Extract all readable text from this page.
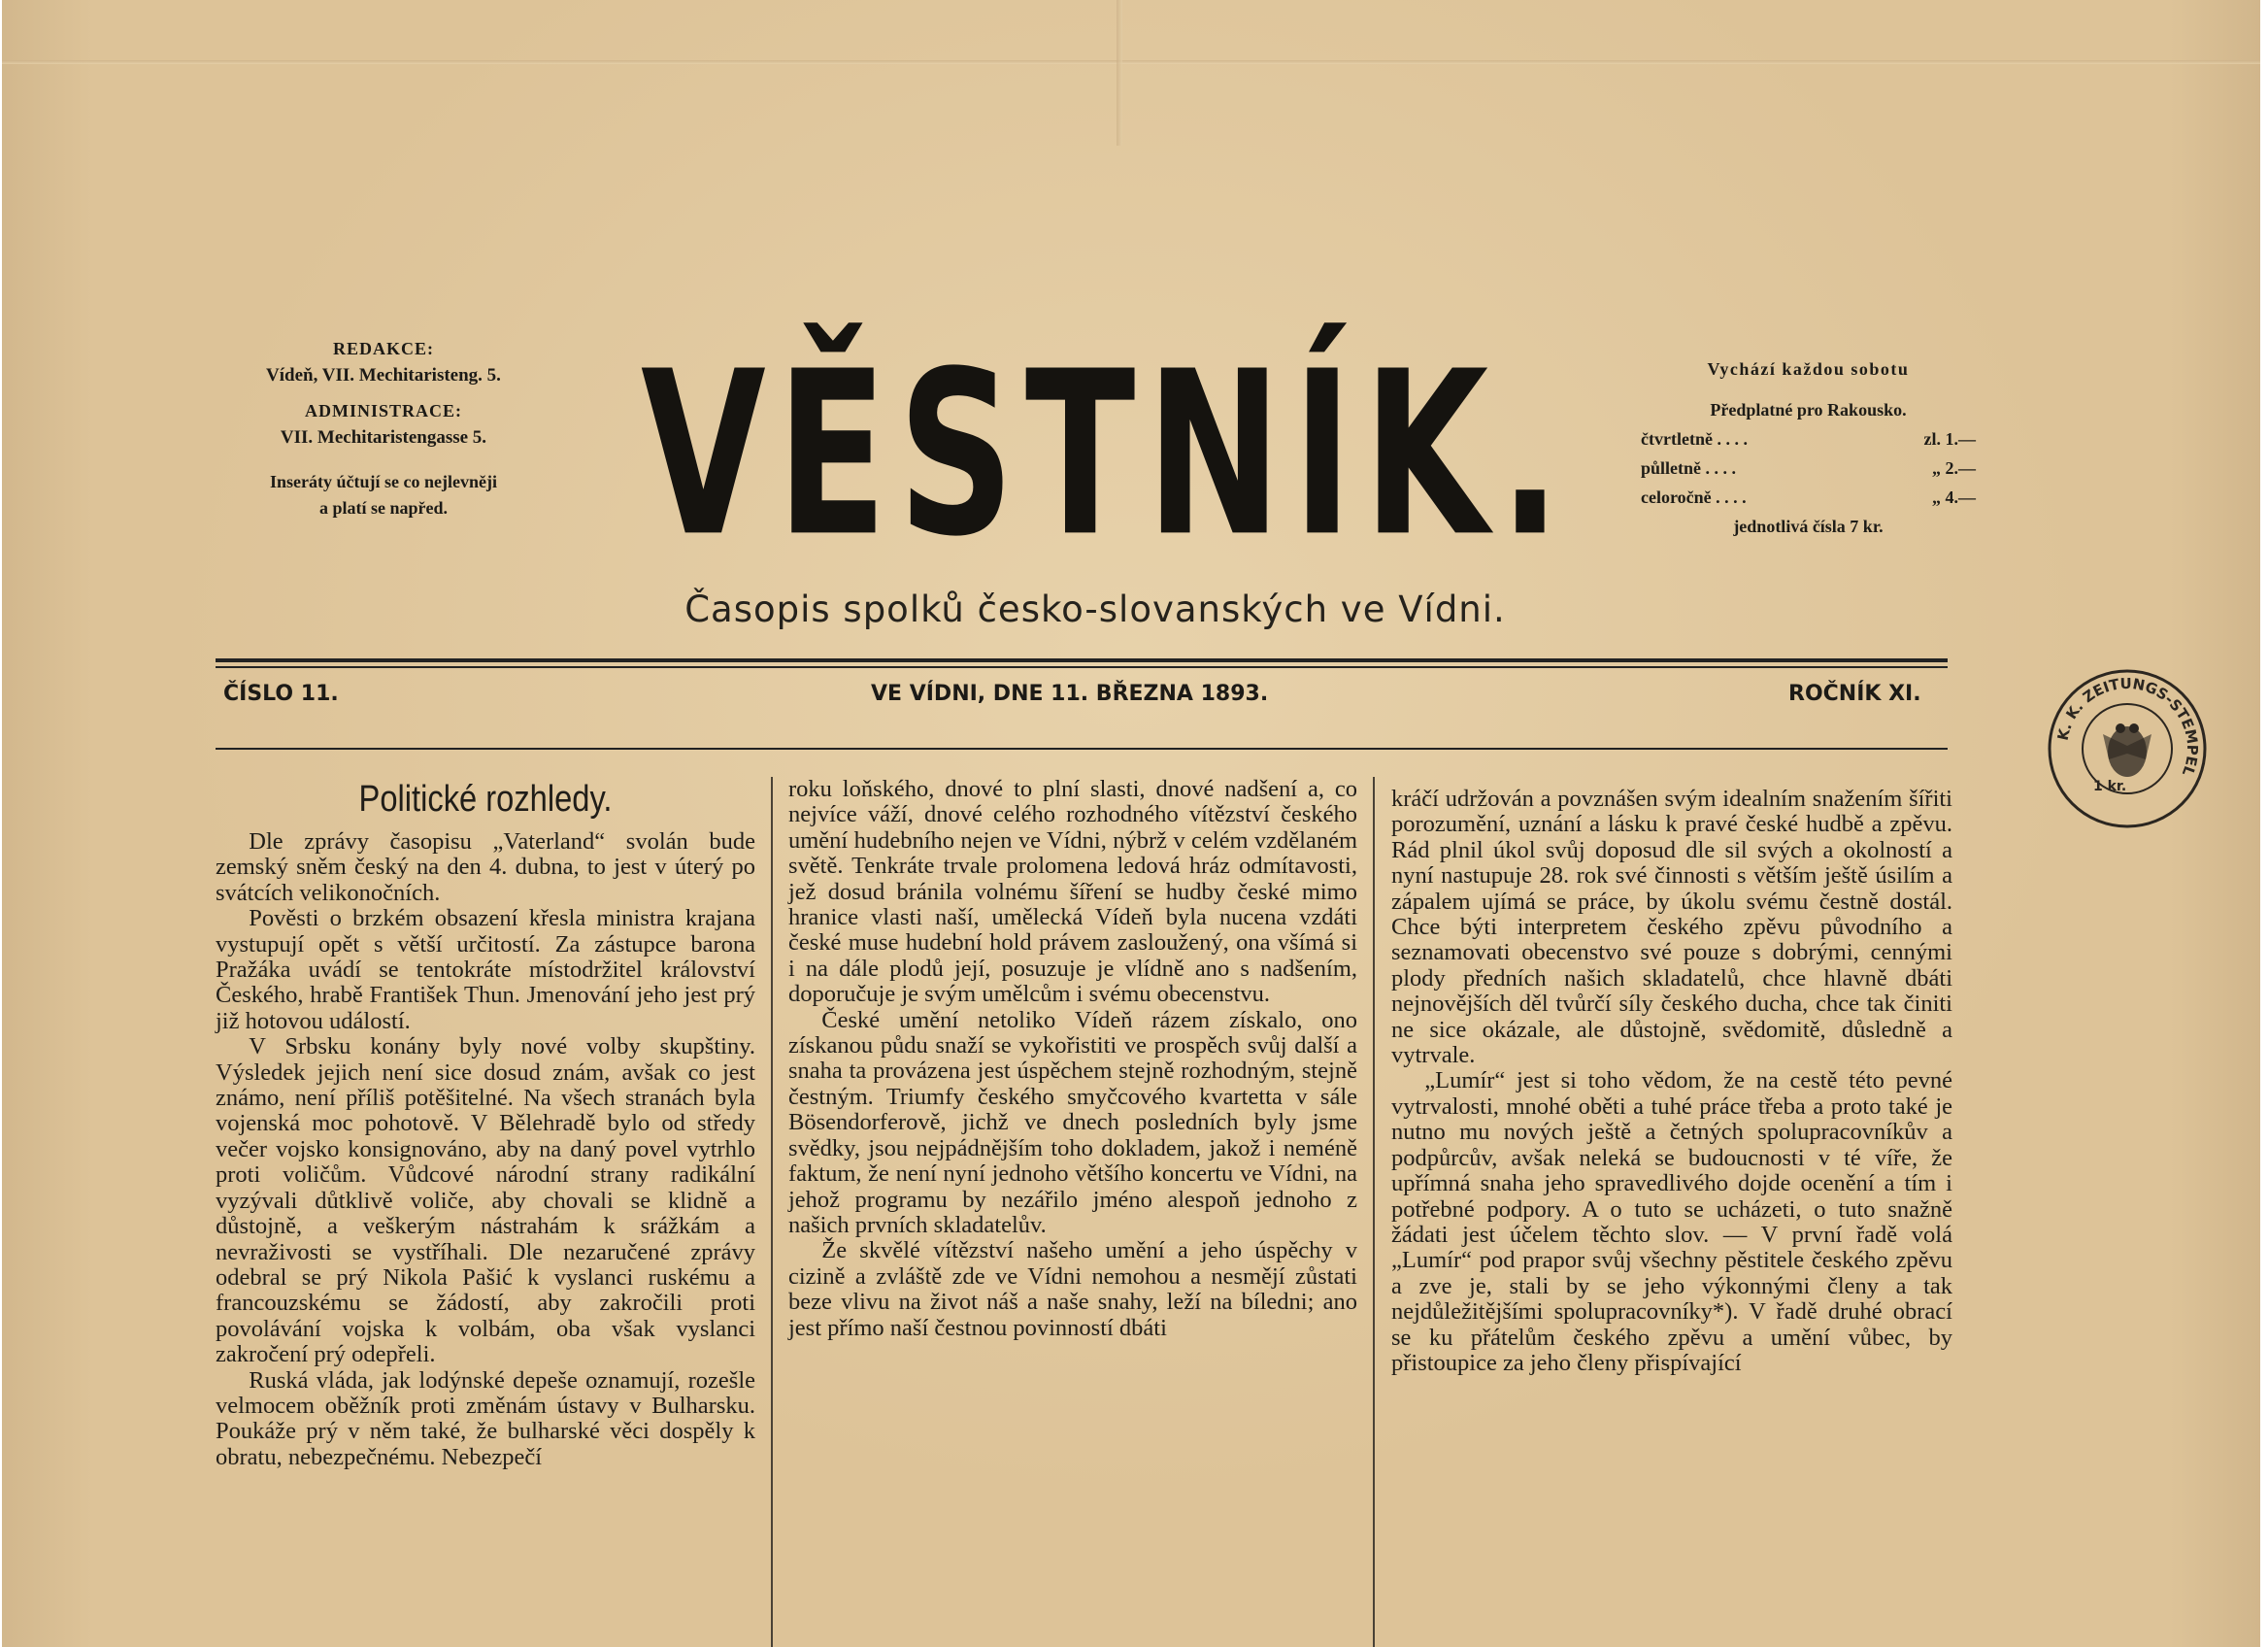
REDAKCE:
Vídeň, VII. Mechitaristeng. 5.
ADMINISTRACE:
VII. Mechitaristengasse 5.
Inseráty účtují se co nejlevněji
a platí se napřed. VĚSTNÍK.
Časopis spolků česko-slovanských ve Vídni.
Vychází každou sobotu
Předplatné pro Rakousko.
čtvrtletně . . . .	zl. 1.—
půlletně . . . .	„ 2.—
celoročně . . . .	„ 4.—
jednotlivá čísla 7 kr.
ČÍSLO 11.	VE VÍDNI, DNE 11. BŘEZNA 1893.	ROČNÍK XI.
K. K. ZEITUNGS-STEMPEL
1 kr.
Politické rozhledy.

Dle zprávy časopisu „Vaterland“ svolán bude zemský sněm český na den 4. dubna, to jest v úterý po svátcích velikonočních.

Pověsti o brzkém obsazení křesla ministra krajana vystupují opět s větší určitostí. Za zástupce barona Pražáka uvádí se tentokráte místodržitel království Českého, hrabě František Thun. Jmenování jeho jest prý již hotovou událostí.

V Srbsku konány byly nové volby skupštiny. Výsledek jejich není sice dosud znám, avšak co jest známo, není příliš potěšitelné. Na všech stranách byla vojenská moc pohotově. V Bělehradě bylo od středy večer vojsko konsignováno, aby na daný povel vytrhlo proti voličům. Vůdcové národní strany radikální vyzývali důtklivě voliče, aby chovali se klidně a důstojně, a veškerým nástrahám k srážkám a nevraživosti se vystříhali. Dle nezaručené zprávy odebral se prý Nikola Pašić k vyslanci ruskému a francouzskému se žádostí, aby zakročili proti povolávání vojska k volbám, oba však vyslanci zakročení prý odepřeli.

Ruská vláda, jak lodýnské depeše oznamují, rozešle velmocem oběžník proti změnám ústavy v Bulharsku. Poukáže prý v něm také, že bulharské věci dospěly k obratu, nebezpečnému. Nebezpečí

roku loňského, dnové to plní slasti, dnové nadšení a, co nejvíce váží, dnové celého rozhodného vítězství českého umění hudebního nejen ve Vídni, nýbrž v celém vzdělaném světě. Tenkráte trvale prolomena ledová hráz odmítavosti, jež dosud bránila volnému šíření se hudby české mimo hranice vlasti naší, umělecká Vídeň byla nucena vzdáti české muse hudební hold právem zasloužený, ona všímá si i na dále plodů její, posuzuje je vlídně ano s nadšením, doporučuje je svým umělcům i svému obecenstvu.

České umění netoliko Vídeň rázem získalo, ono získanou půdu snaží se vykořistiti ve prospěch svůj další a snaha ta provázena jest úspěchem stejně rozhodným, stejně čestným. Triumfy českého smyčcového kvartetta v sále Bösendorferově, jichž ve dnech posledních byly jsme svědky, jsou nejpádnějším toho dokladem, jakož i neméně faktum, že není nyní jednoho většího koncertu ve Vídni, na jehož programu by nezářilo jméno alespoň jednoho z našich prvních skladatelův.

Že skvělé vítězství našeho umění a jeho úspěchy v cizině a zvláště zde ve Vídni nemohou a nesmějí zůstati beze vlivu na život náš a naše snahy, leží na bíledni; ano jest přímo naší čestnou povinností dbáti

kráčí udržován a povznášen svým idealním snažením šířiti porozumění, uznání a lásku k pravé české hudbě a zpěvu. Rád plnil úkol svůj doposud dle sil svých a okolností a nyní nastupuje 28. rok své činnosti s větším ještě úsilím a zápalem ujímá se práce, by úkolu svému čestně dostál. Chce býti interpretem českého zpěvu původního a seznamovati obecenstvo své pouze s dobrými, cennými plody předních našich skladatelů, chce hlavně dbáti nejnovějších děl tvůrčí síly českého ducha, chce tak činiti ne sice okázale, ale důstojně, svědomitě, důsledně a vytrvale.

„Lumír“ jest si toho vědom, že na cestě této pevné vytrvalosti, mnohé oběti a tuhé práce třeba a proto také je nutno mu nových ještě a četných spolupracovníkův a podpůrcův, avšak neleká se budoucnosti v té víře, že upřímná snaha jeho spravedlivého dojde ocenění a tím i potřebné podpory. A o tuto se ucházeti, o tuto snažně žádati jest účelem těchto slov. — V první řadě volá „Lumír“ pod prapor svůj všechny pěstitele českého zpěvu a zve je, stali by se jeho výkonnými členy a tak nejdůležitějšími spolupracovníky*). V řadě druhé obrací se ku přátelům českého zpěvu a umění vůbec, by přistoupice za jeho členy přispívající
